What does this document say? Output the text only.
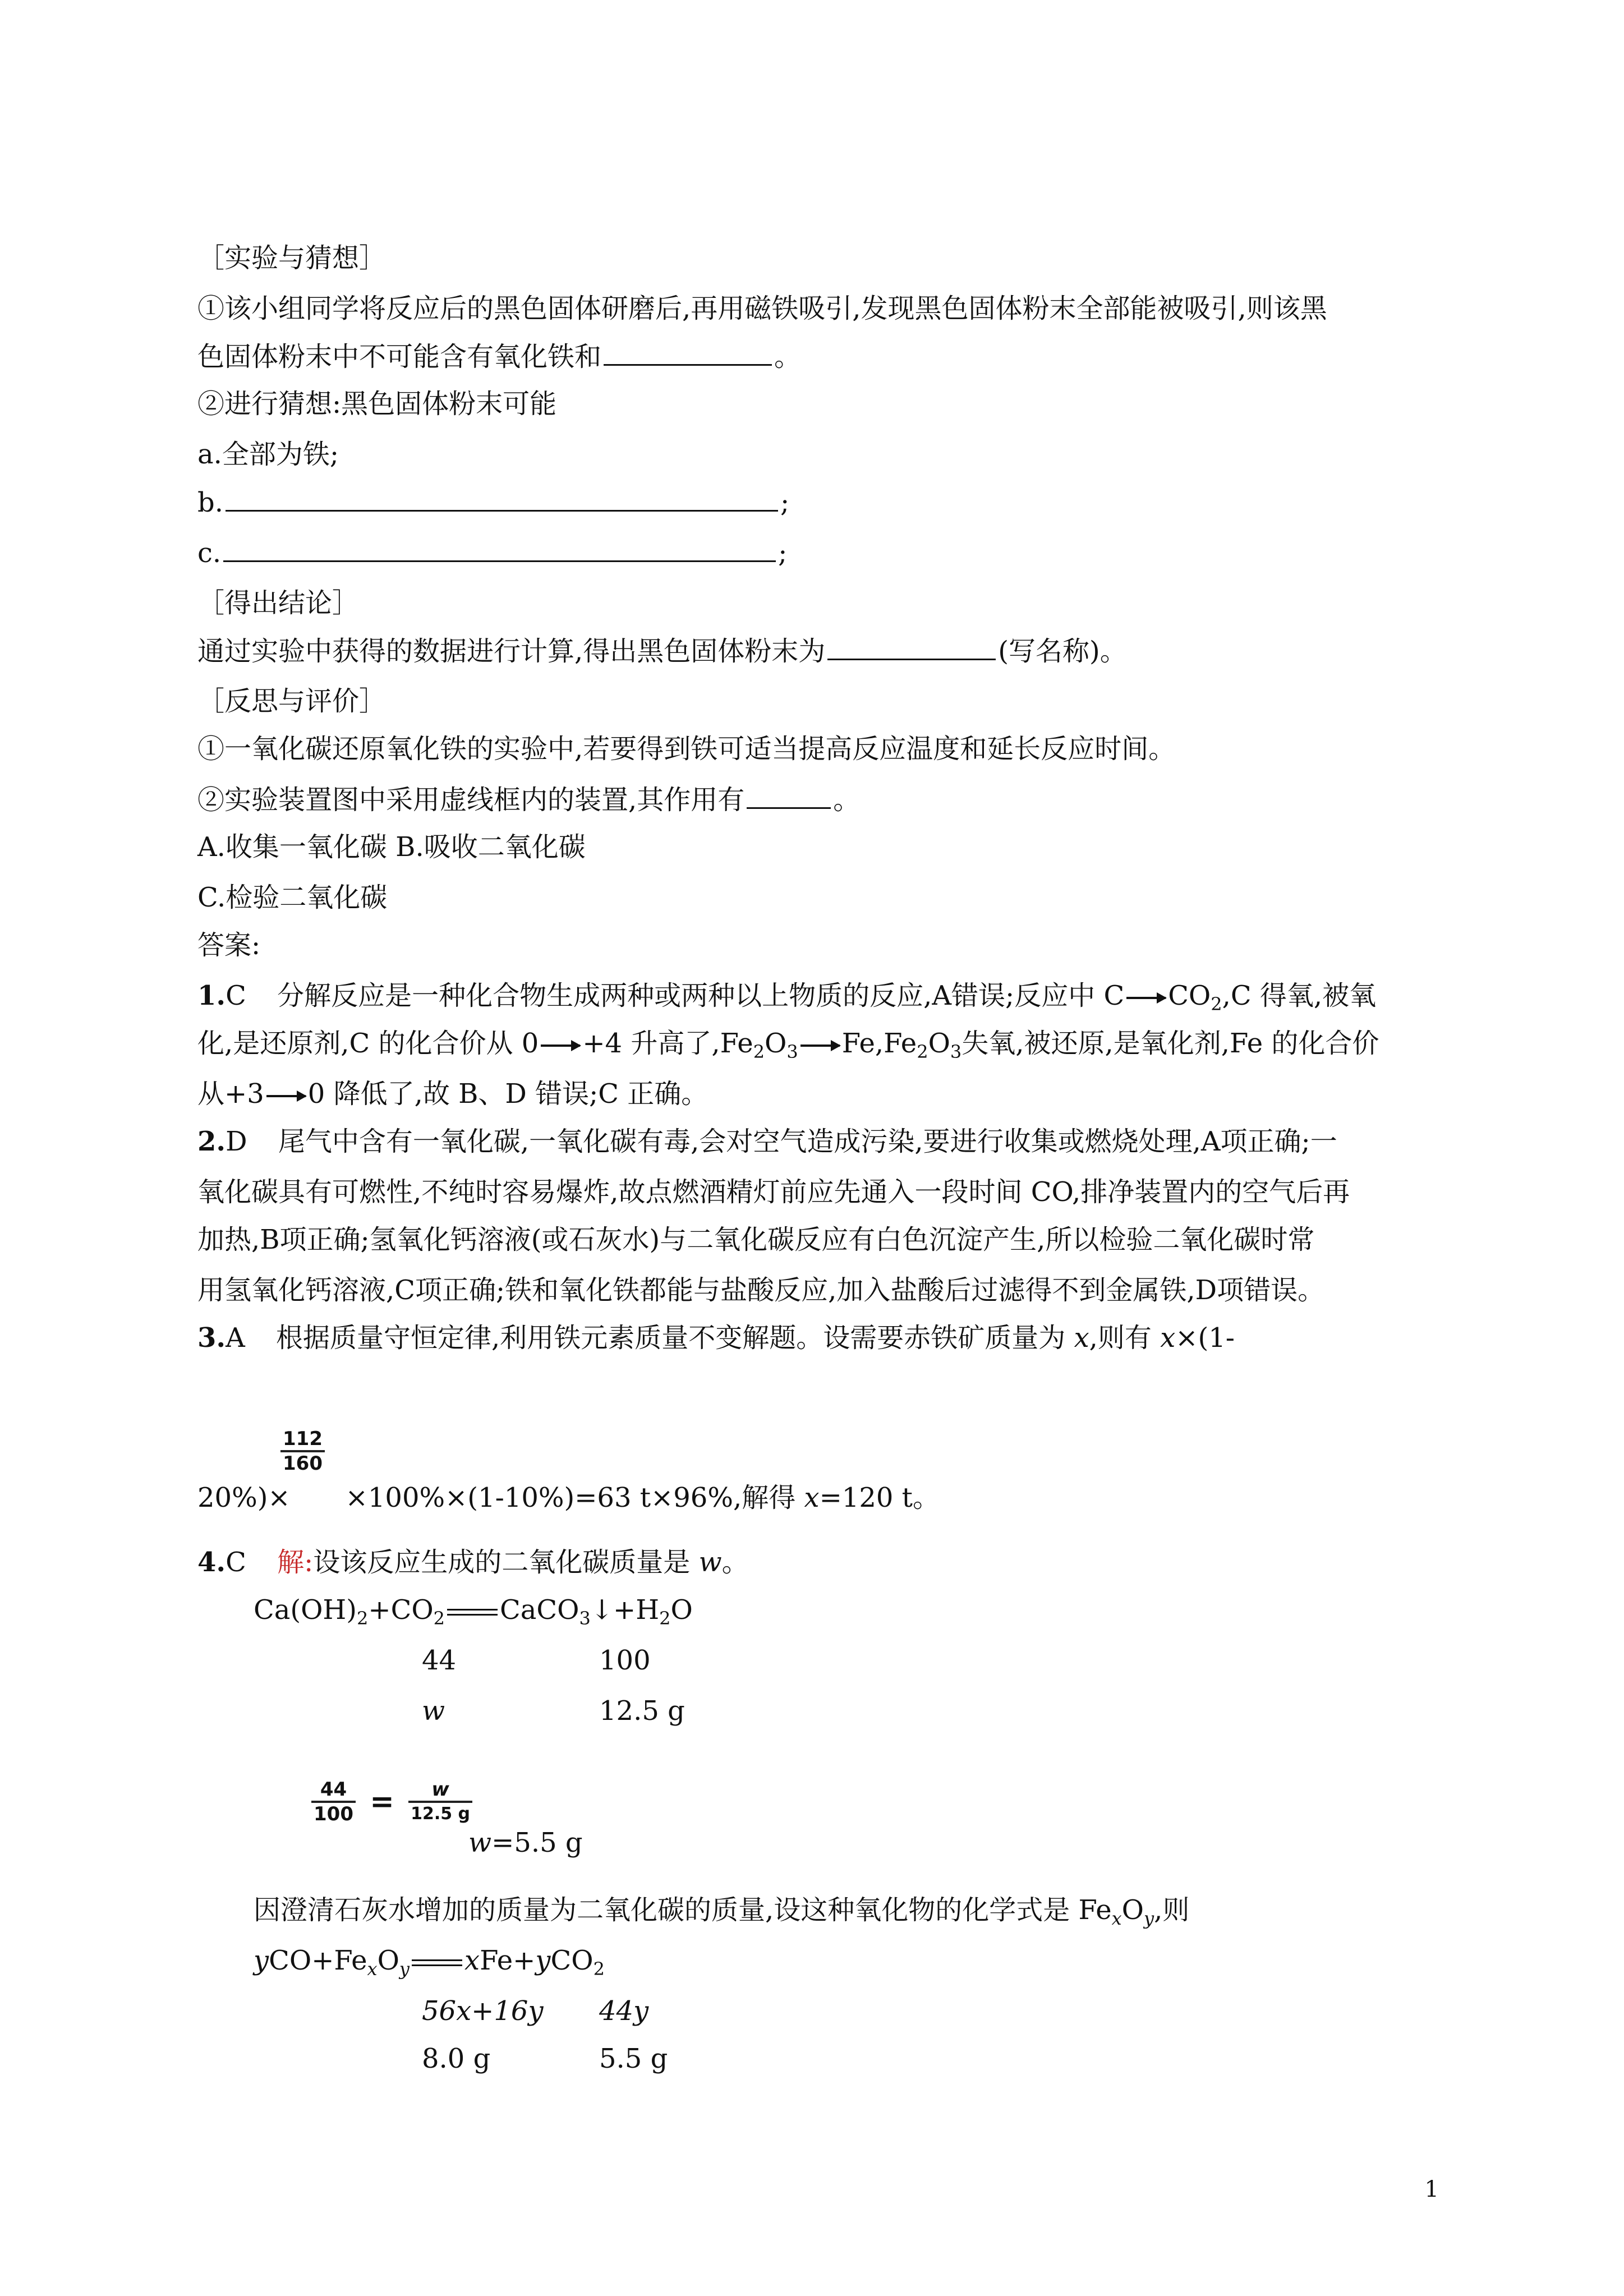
［实验与猜想］
①该小组同学将反应后的黑色固体研磨后,再用磁铁吸引,发现黑色固体粉末全部能被吸引,则该黑
色固体粉末中不可能含有氧化铁和	。
②进行猜想:黑色固体粉末可能
a.全部为铁;
b.	;
c.	;
［得出结论］
通过实验中获得的数据进行计算,得出黑色固体粉末为	(写名称)。
［反思与评价］
①一氧化碳还原氧化铁的实验中,若要得到铁可适当提高反应温度和延长反应时间。
②实验装置图中采用虚线框内的装置,其作用有	。
A.收集一氧化碳 B.吸收二氧化碳
C.检验二氧化碳
答案:
1.C 分解反应是一种化合物生成两种或两种以上物质的反应,A错误;反应中 C $CO_2,C$ 得氧,被氧
化,是还原剂,C 的化合价从 0 +4 升高了$,Fe_2O_3$ $Fe,Fe_2O_3$失氧,被还原,是氧化剂,Fe 的化合价
从+3 0 降低了,故 B、D 错误;C 正确。
2.D 尾气中含有一氧化碳,一氧化碳有毒,会对空气造成污染,要进行收集或燃烧处理,A项正确;一
氧化碳具有可燃性,不纯时容易爆炸,故点燃酒精灯前应先通入一段时间 CO,排净装置内的空气后再
加热,B项正确;氢氧化钙溶液(或石灰水)与二氧化碳反应有白色沉淀产生,所以检验二氧化碳时常
用氢氧化钙溶液,C项正确;铁和氧化铁都能与盐酸反应,加入盐酸后过滤得不到金属铁,D项错误。
3.A 根据质量守恒定律,利用铁元素质量不变解题。设需要赤铁矿质量为 x,则有 x×(1-
$\frac{112}{160}$
20%)× ×100%×(1-10%)=63 t×96%,解得 x=120 t。
4.C 解:设该反应生成的二氧化碳质量是 w。
$Ca(OH)_2+CO_2$ $CaCO_3↓+H_2O$
44	100
w	12.5 g
$\frac{44}{100} = \frac{w}{12.5 g}$
w=5.5 g
因澄清石灰水增加的质量为二氧化碳的质量,设这种氧化物的化学式是 $Fe_xO_y$,则
$yCO+Fe_xO_y$ xFe+yCO$_2$
56x+16y 44y
8.0 g	5.5 g
1
